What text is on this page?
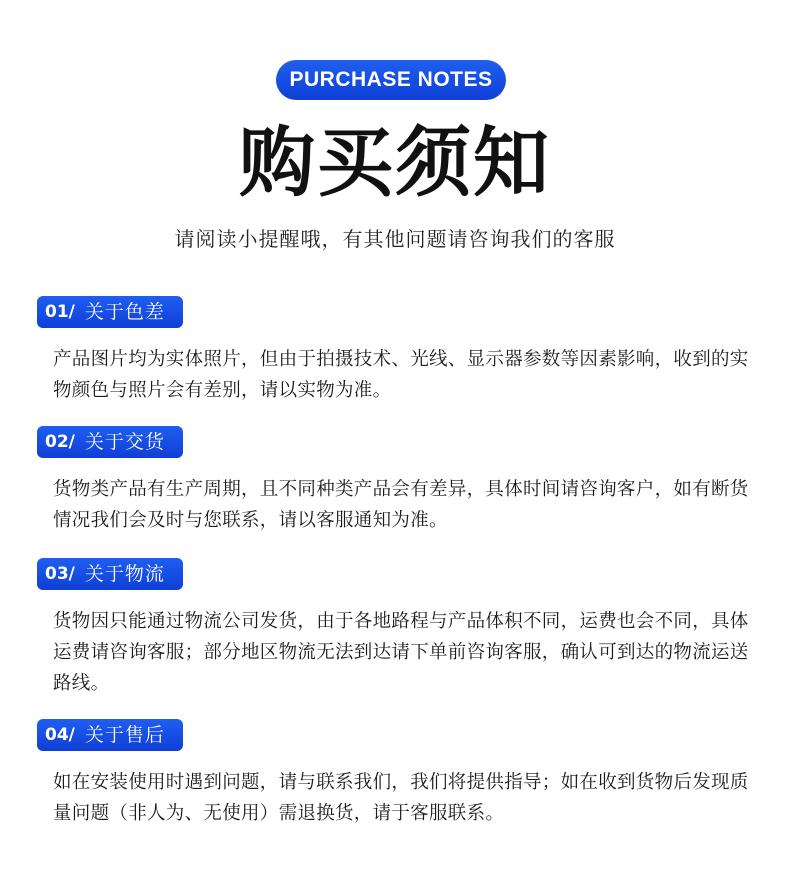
PURCHASE NOTES
购买须知
请阅读小提醒哦，有其他问题请咨询我们的客服
01/ 关于色差
产品图片均为实体照片，但由于拍摄技术、光线、显示器参数等因素影响，收到的实物颜色与照片会有差别，请以实物为准。
02/ 关于交货
货物类产品有生产周期，且不同种类产品会有差异，具体时间请咨询客户，如有断货情况我们会及时与您联系，请以客服通知为准。
03/ 关于物流
货物因只能通过物流公司发货，由于各地路程与产品体积不同，运费也会不同，具体运费请咨询客服；部分地区物流无法到达请下单前咨询客服，确认可到达的物流运送路线。
04/ 关于售后
如在安装使用时遇到问题，请与联系我们，我们将提供指导；如在收到货物后发现质量问题（非人为、无使用）需退换货，请于客服联系。
